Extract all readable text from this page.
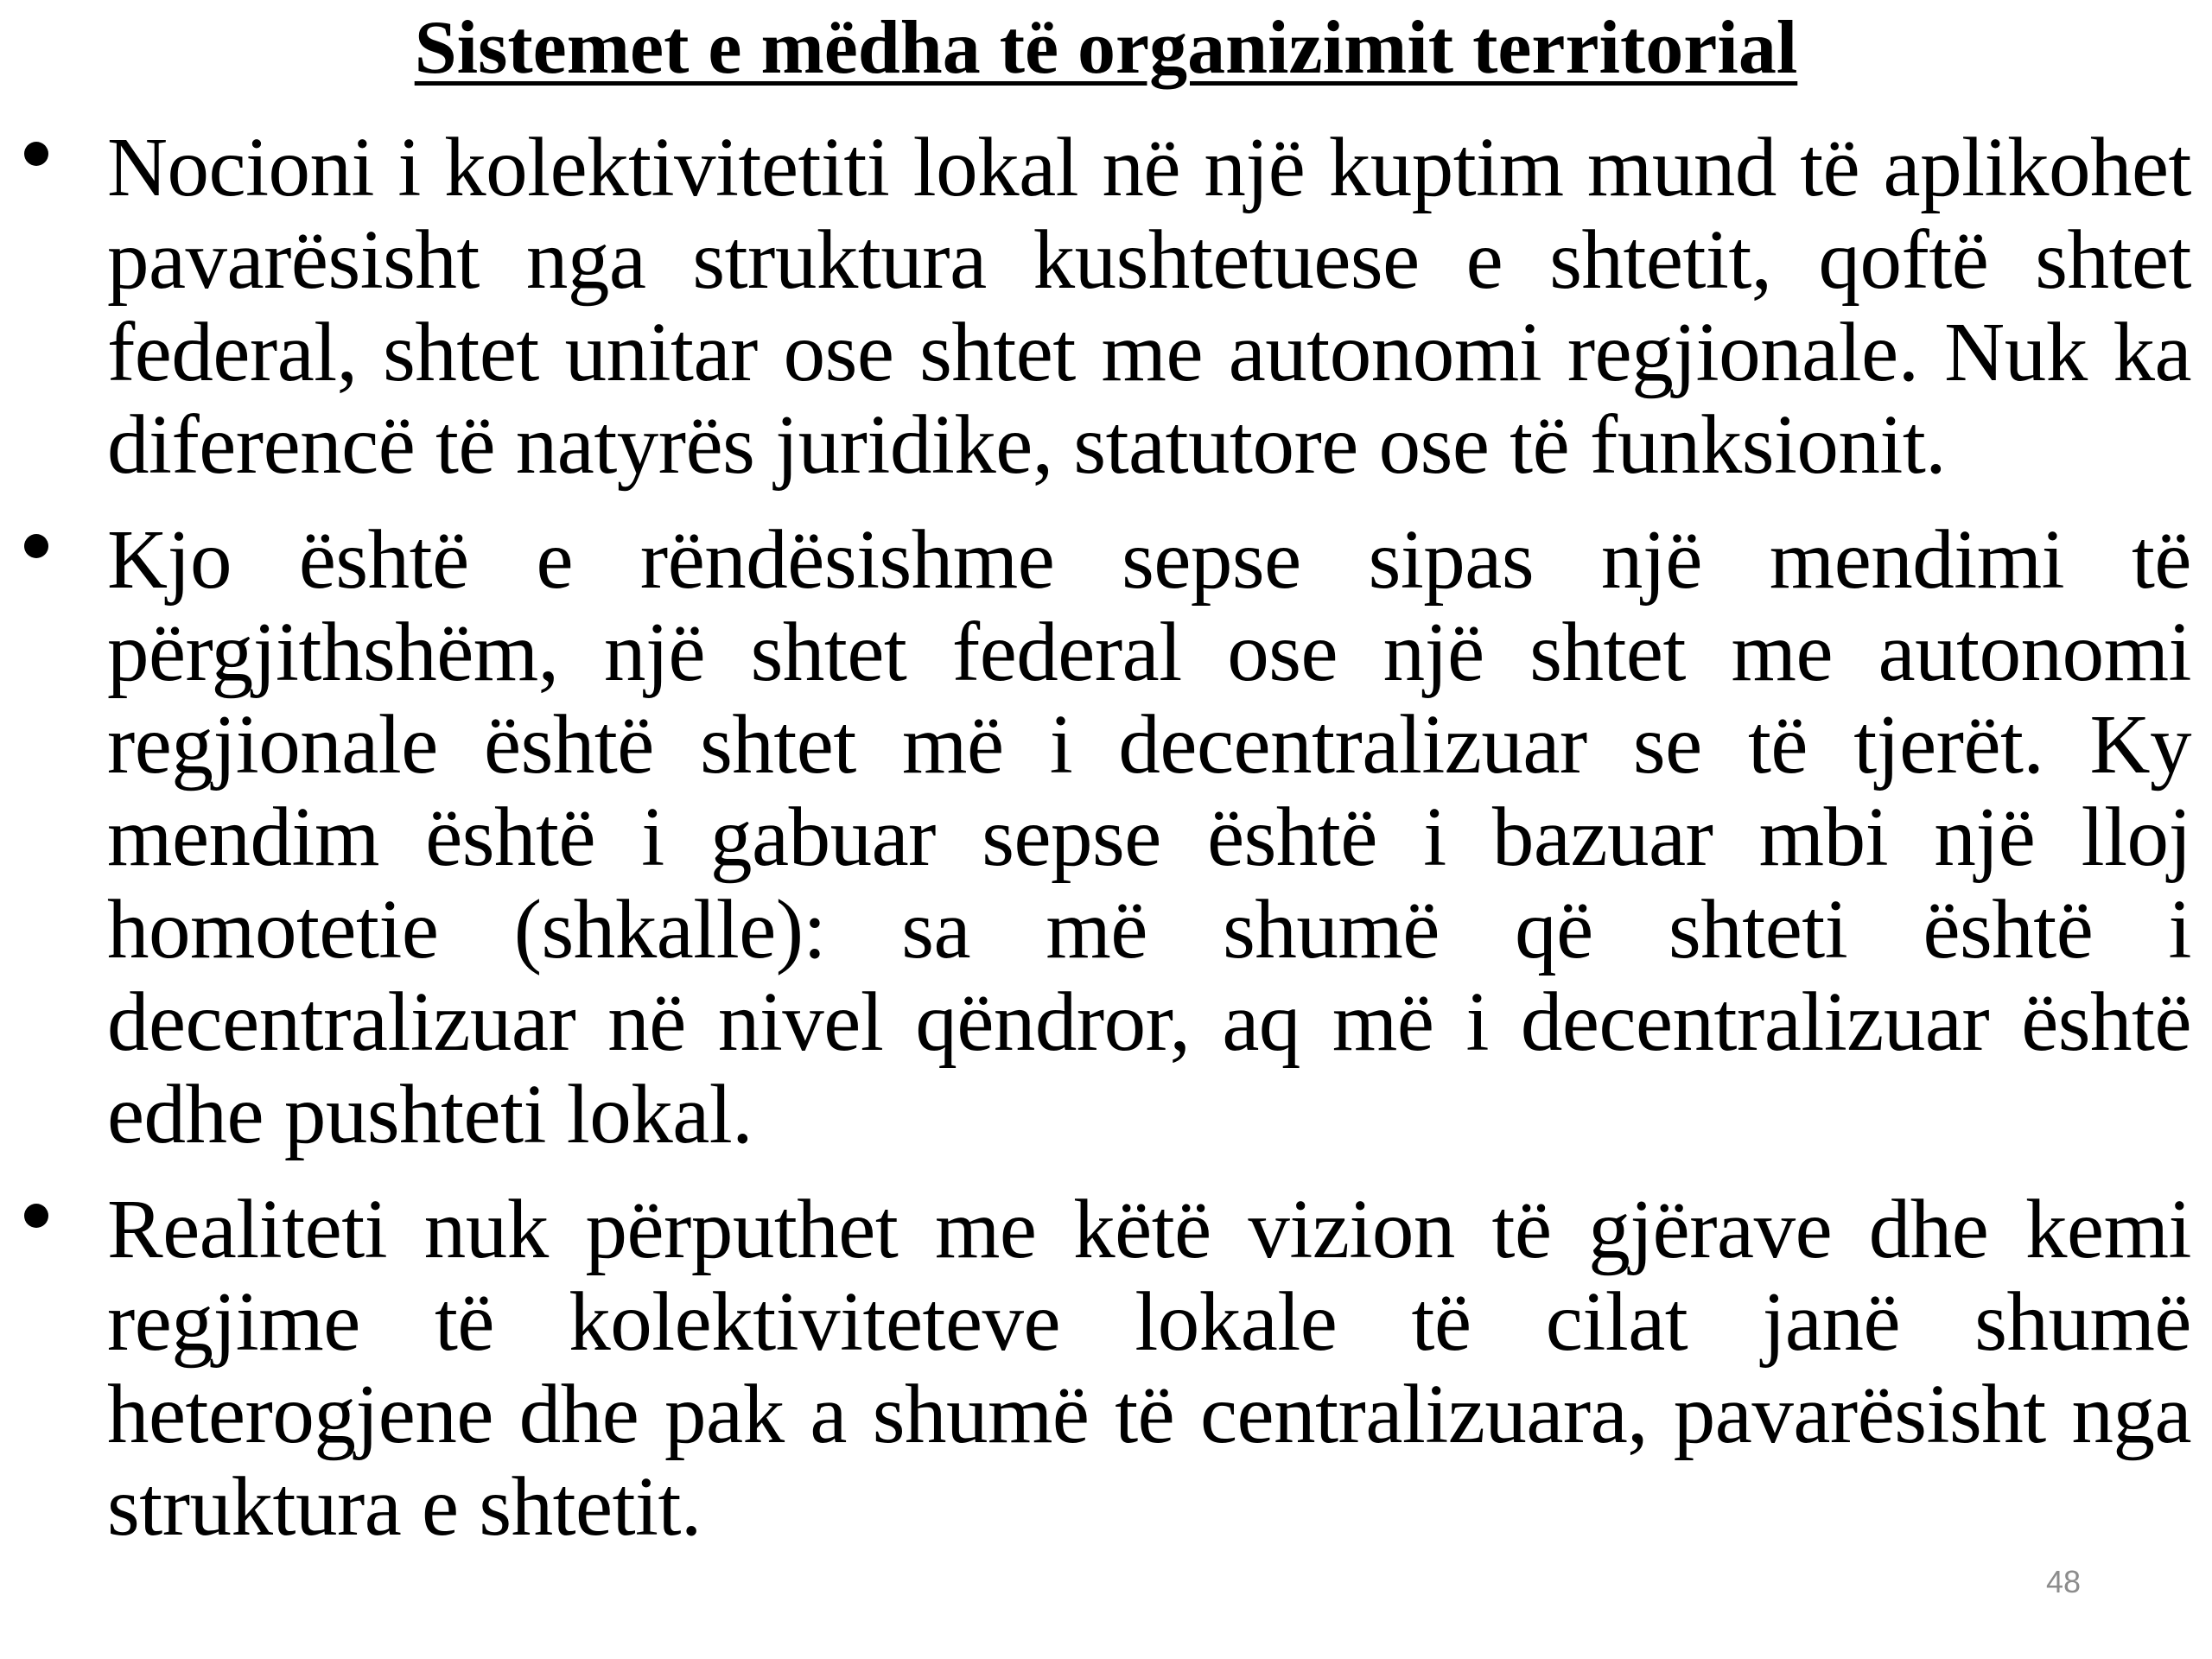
Sistemet e mëdha të organizimit territorial
Nocioni i kolektivitetiti lokal në një kuptim mund të aplikohet pavarësisht nga struktura kushtetuese e shtetit, qoftë shtet federal, shtet unitar ose shtet me autonomi regjionale. Nuk ka diferencë të natyrës juridike, statutore ose të funksionit.
Kjo është e rëndësishme sepse sipas një mendimi të përgjithshëm, një shtet federal ose një shtet me autonomi regjionale është shtet më i decentralizuar se të tjerët. Ky mendim është i gabuar sepse është i bazuar mbi një lloj homotetie (shkalle): sa më shumë që shteti është i decentralizuar në nivel qëndror, aq më i decentralizuar është edhe pushteti lokal.
Realiteti nuk përputhet me këtë vizion të gjërave dhe kemi regjime të kolektiviteteve lokale të cilat janë shumë heterogjene dhe pak a shumë të centralizuara, pavarësisht nga struktura e shtetit.
48
